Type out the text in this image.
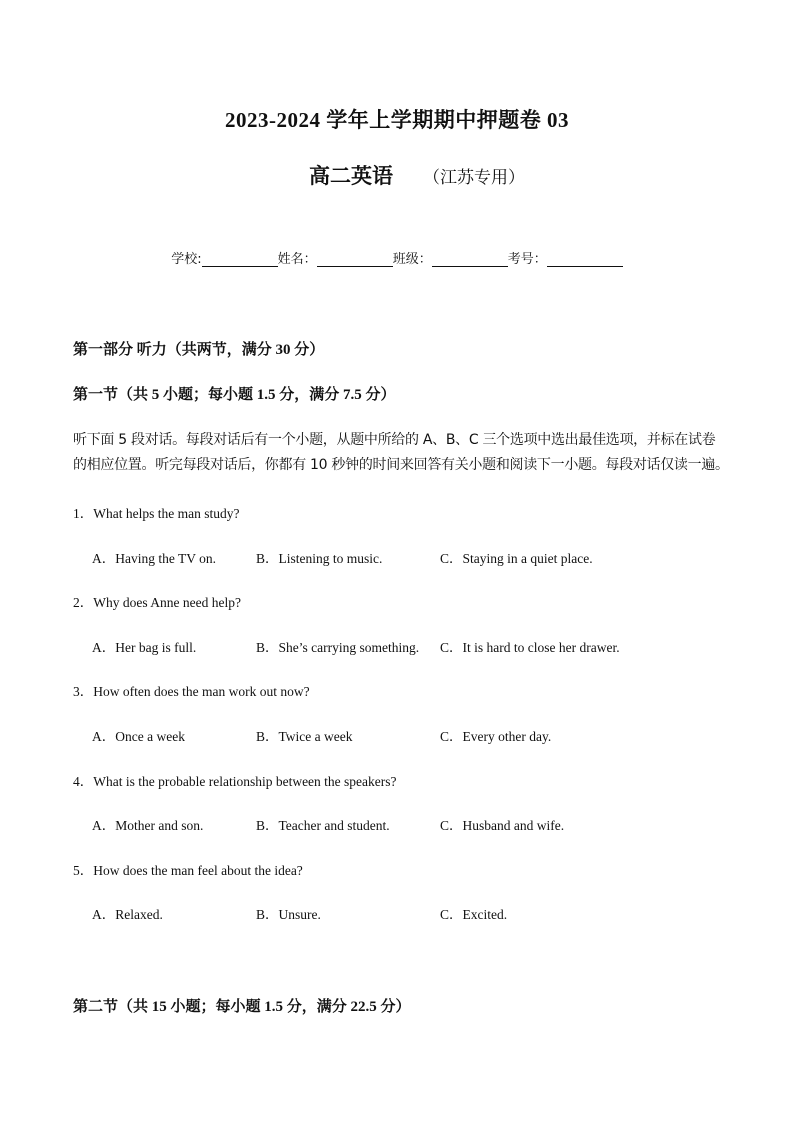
2023-2024 学年上学期期中押题卷 03
高二英语 （江苏专用）
学校:	姓名：	班级：	考号：
第一部分 听力（共两节，满分 30 分）
第一节（共 5 小题；每小题 1.5 分，满分 7.5 分）
听下面 5 段对话。每段对话后有一个小题，从题中所给的 A、B、C 三个选项中选出最佳选项，并标在试卷
的相应位置。听完每段对话后，你都有 10 秒钟的时间来回答有关小题和阅读下一小题。每段对话仅读一遍。
1．What helps the man study?
A．Having the TV on.	B．Listening to music.	C．Staying in a quiet place.
2．Why does Anne need help?
A．Her bag is full.	B．She’s carrying something. C．It is hard to close her drawer.
3．How often does the man work out now?
A．Once a week	B．Twice a week	C．Every other day.
4．What is the probable relationship between the speakers?
A．Mother and son.	B．Teacher and student.	C．Husband and wife.
5．How does the man feel about the idea?
A．Relaxed.	B．Unsure.	C．Excited.
第二节（共 15 小题；每小题 1.5 分，满分 22.5 分）
